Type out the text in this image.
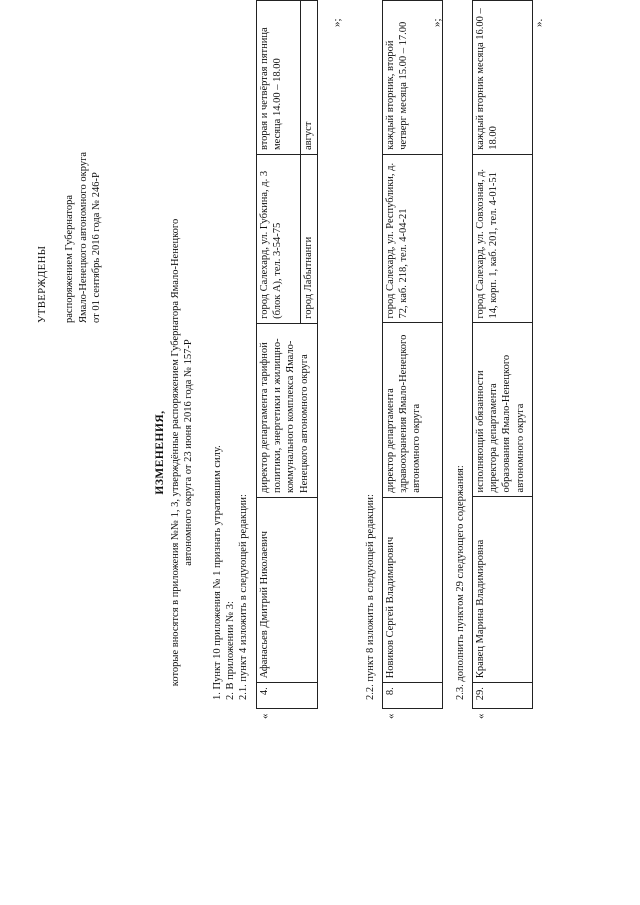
УТВЕРЖДЕНЫ распоряжением Губернатора Ямало-Ненецкого автономного округа от 01 сентябрь 2016 года № 246-Р
ИЗМЕНЕНИЯ, которые вносятся в приложения №№ 1, 3, утверждённые распоряжением Губернатора Ямало-Ненецкого автономного округа от 23 июня 2016 года № 157-Р 1. Пункт 10 приложения № 1 признать утратившим силу. 2. В приложении № 3: 2.1. пункт 4 изложить в следующей редакции:
«
4.	Афанасьев Дмитрий Николаевич	директор департамента тарифной политики, энергетики и жилищно-коммунального комплекса Ямало-Ненецкого автономного округа	город Салехард, ул. Губкина, д. 3 (блок А), тел. 3-54-75	вторая и четвёртая пятница месяца 14.00 – 18.00
			город Лабытнанги	август
»;
2.2. пункт 8 изложить в следующей редакции:
«
8.	Новиков Сергей Владимирович	директор департамента здравоохранения Ямало-Ненецкого автономного округа	город Салехард, ул. Республики, д. 72, каб. 218, тел. 4-04-21	каждый вторник, второй четверг месяца 15.00 – 17.00 »;
2.3. дополнить пунктом 29 следующего содержания:
«
29.	Кравец Марина Владимировна	исполняющий обязанности директора департамента образования Ямало-Ненецкого автономного округа	город Салехард, ул. Совхозная, д. 14, корп. 1, каб. 201, тел. 4-01-51	каждый вторник месяца 16.00 – 18.00
».
